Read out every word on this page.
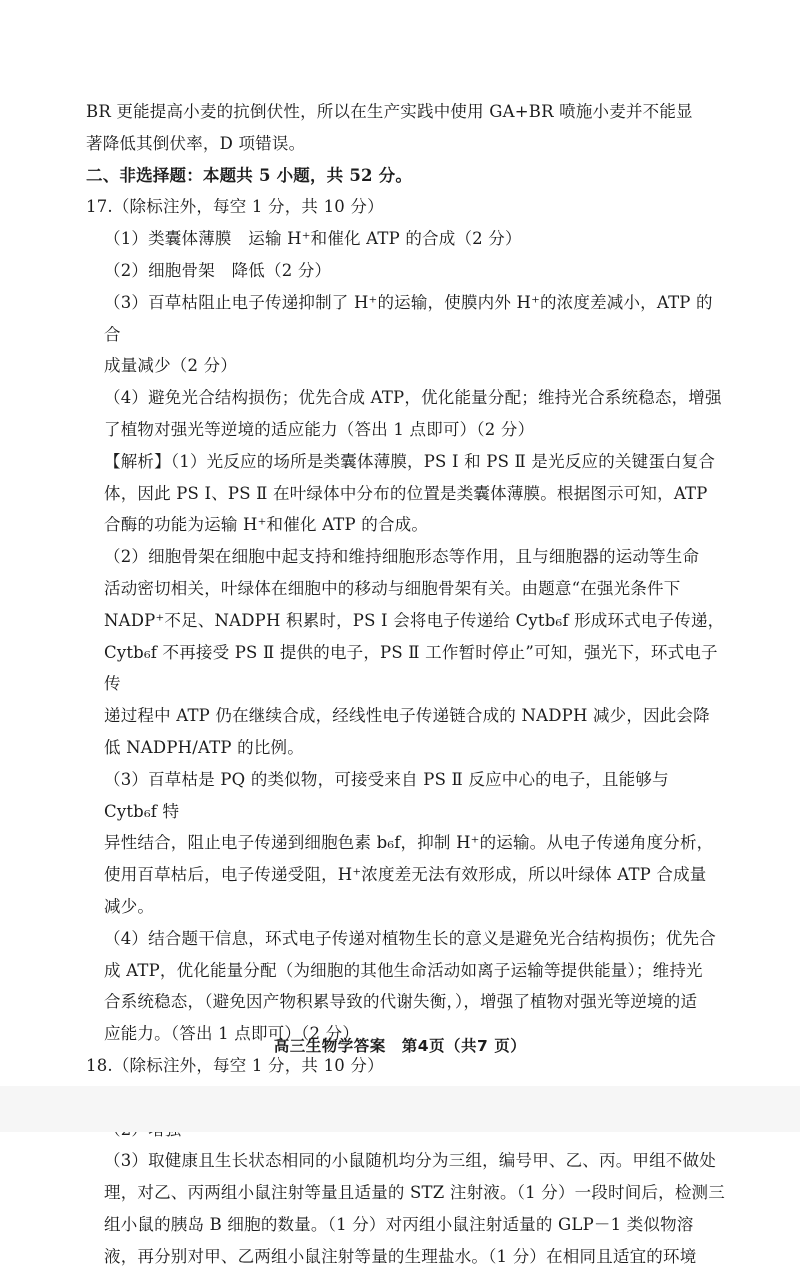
BR 更能提高小麦的抗倒伏性，所以在生产实践中使用 GA+BR 喷施小麦并不能显

著降低其倒伏率，D 项错误。

二、非选择题：本题共 5 小题，共 52 分。

17.（除标注外，每空 1 分，共 10 分）

（1）类囊体薄膜　运输 H⁺和催化 ATP 的合成（2 分）

（2）细胞骨架　降低（2 分）

（3）百草枯阻止电子传递抑制了 H⁺的运输，使膜内外 H⁺的浓度差减小，ATP 的合

成量减少（2 分）

（4）避免光合结构损伤；优先合成 ATP，优化能量分配；维持光合系统稳态，增强

了植物对强光等逆境的适应能力（答出 1 点即可）（2 分）

【解析】（1）光反应的场所是类囊体薄膜，PS Ⅰ 和 PS Ⅱ 是光反应的关键蛋白复合

体，因此 PS Ⅰ、PS Ⅱ 在叶绿体中分布的位置是类囊体薄膜。根据图示可知，ATP

合酶的功能为运输 H⁺和催化 ATP 的合成。

（2）细胞骨架在细胞中起支持和维持细胞形态等作用，且与细胞器的运动等生命

活动密切相关，叶绿体在细胞中的移动与细胞骨架有关。由题意“在强光条件下

NADP⁺不足、NADPH 积累时，PS Ⅰ 会将电子传递给 Cytb₆f 形成环式电子传递，

Cytb₆f 不再接受 PS Ⅱ 提供的电子，PS Ⅱ 工作暂时停止”可知，强光下，环式电子传

递过程中 ATP 仍在继续合成，经线性电子传递链合成的 NADPH 减少，因此会降

低 NADPH/ATP 的比例。

（3）百草枯是 PQ 的类似物，可接受来自 PS Ⅱ 反应中心的电子，且能够与 Cytb₆f 特

异性结合，阻止电子传递到细胞色素 b₆f，抑制 H⁺的运输。从电子传递角度分析，

使用百草枯后，电子传递受阻，H⁺浓度差无法有效形成，所以叶绿体 ATP 合成量

减少。

（4）结合题干信息，环式电子传递对植物生长的意义是避免光合结构损伤；优先合

成 ATP，优化能量分配（为细胞的其他生命活动如离子运输等提供能量）；维持光

合系统稳态，（避免因产物积累导致的代谢失衡，），增强了植物对强光等逆境的适

应能力。（答出 1 点即可）（2 分）

18.（除标注外，每空 1 分，共 10 分）

（3）取健康且生长状态相同的小鼠随机均分为三组，编号甲、乙、丙。甲组不做处

理，对乙、丙两组小鼠注射等量且适量的 STZ 注射液。（1 分）一段时间后，检测三

组小鼠的胰岛 B 细胞的数量。（1 分）对丙组小鼠注射适量的 GLP－1 类似物溶

液，再分别对甲、乙两组小鼠注射等量的生理盐水。（1 分）在相同且适宜的环境

高三生物学答案　第4页（共7 页）
